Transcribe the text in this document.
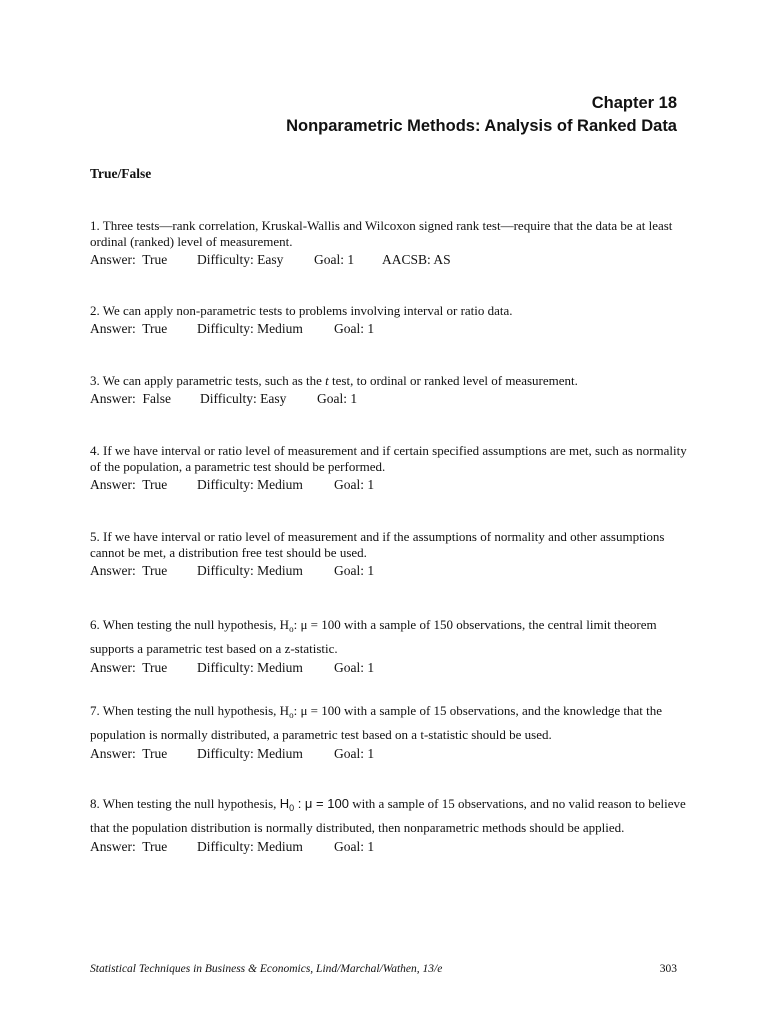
Chapter 18
Nonparametric Methods: Analysis of Ranked Data
True/False
1. Three tests—rank correlation, Kruskal-Wallis and Wilcoxon signed rank test—require that the data be at least ordinal (ranked) level of measurement.
Answer:  True Difficulty: Easy Goal: 1 AACSB: AS
2. We can apply non-parametric tests to problems involving interval or ratio data.
Answer:  True Difficulty: Medium Goal: 1
3. We can apply parametric tests, such as the t test, to ordinal or ranked level of measurement.
Answer:  False Difficulty: Easy Goal: 1
4. If we have interval or ratio level of measurement and if certain specified assumptions are met, such as normality of the population, a parametric test should be performed.
Answer:  True Difficulty: Medium Goal: 1
5. If we have interval or ratio level of measurement and if the assumptions of normality and other assumptions cannot be met, a distribution free test should be used.
Answer:  True Difficulty: Medium Goal: 1
6. When testing the null hypothesis, $H_o$: μ = 100 with a sample of 150 observations, the central limit theorem supports a parametric test based on a z-statistic.
Answer:  True Difficulty: Medium Goal: 1
7. When testing the null hypothesis, $H_o$: μ = 100 with a sample of 15 observations, and the knowledge that the population is normally distributed, a parametric test based on a t-statistic should be used.
Answer:  True Difficulty: Medium Goal: 1
8. When testing the null hypothesis, $H_0$ : μ = 100 with a sample of 15 observations, and no valid reason to believe that the population distribution is normally distributed, then nonparametric methods should be applied.
Answer:  True Difficulty: Medium Goal: 1
Statistical Techniques in Business & Economics, Lind/Marchal/Wathen, 13/e	303
